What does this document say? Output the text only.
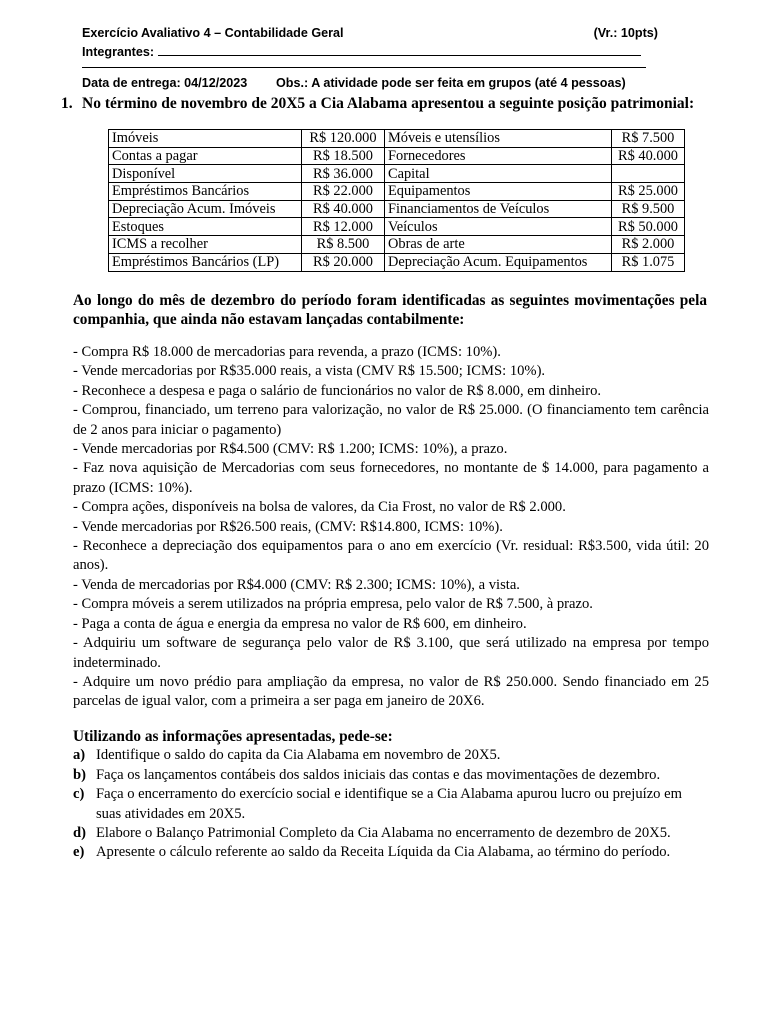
Exercício Avaliativo 4 – Contabilidade Geral	(Vr.: 10pts)
Integrantes:
Data de entrega: 04/12/2023 Obs.: A atividade pode ser feita em grupos (até 4 pessoas)
1. No término de novembro de 20X5 a Cia Alabama apresentou a seguinte posição patrimonial:
Imóveis	R$ 120.000	Móveis e utensílios	R$ 7.500
Contas a pagar	R$ 18.500	Fornecedores	R$ 40.000
Disponível	R$ 36.000	Capital	
Empréstimos Bancários	R$ 22.000	Equipamentos	R$ 25.000
Depreciação Acum. Imóveis	R$ 40.000	Financiamentos de Veículos	R$ 9.500
Estoques	R$ 12.000	Veículos	R$ 50.000
ICMS a recolher	R$ 8.500	Obras de arte	R$ 2.000
Empréstimos Bancários (LP)	R$ 20.000	Depreciação Acum. Equipamentos	R$ 1.075
Ao longo do mês de dezembro do período foram identificadas as seguintes movimentações pela companhia, que ainda não estavam lançadas contabilmente:

- Compra R$ 18.000 de mercadorias para revenda, a prazo (ICMS: 10%).

- Vende mercadorias por R$35.000 reais, a vista (CMV R$ 15.500; ICMS: 10%).

- Reconhece a despesa e paga o salário de funcionários no valor de R$ 8.000, em dinheiro.

- Comprou, financiado, um terreno para valorização, no valor de R$ 25.000. (O financiamento tem carência de 2 anos para iniciar o pagamento)

- Vende mercadorias por R$4.500 (CMV: R$ 1.200; ICMS: 10%), a prazo.

- Faz nova aquisição de Mercadorias com seus fornecedores, no montante de $ 14.000, para pagamento a prazo (ICMS: 10%).

- Compra ações, disponíveis na bolsa de valores, da Cia Frost, no valor de R$ 2.000.

- Vende mercadorias por R$26.500 reais, (CMV: R$14.800, ICMS: 10%).

- Reconhece a depreciação dos equipamentos para o ano em exercício (Vr. residual: R$3.500, vida útil: 20 anos).

- Venda de mercadorias por R$4.000 (CMV: R$ 2.300; ICMS: 10%), a vista.

- Compra móveis a serem utilizados na própria empresa, pelo valor de R$ 7.500, à prazo.

- Paga a conta de água e energia da empresa no valor de R$ 600, em dinheiro.

- Adquiriu um software de segurança pelo valor de R$ 3.100, que será utilizado na empresa por tempo indeterminado.

- Adquire um novo prédio para ampliação da empresa, no valor de R$ 250.000. Sendo financiado em 25 parcelas de igual valor, com a primeira a ser paga em janeiro de 20X6.

Utilizando as informações apresentadas, pede-se:

a) Identifique o saldo do capita da Cia Alabama em novembro de 20X5.
b) Faça os lançamentos contábeis dos saldos iniciais das contas e das movimentações de dezembro.
c) Faça o encerramento do exercício social e identifique se a Cia Alabama apurou lucro ou prejuízo em suas atividades em 20X5.
d) Elabore o Balanço Patrimonial Completo da Cia Alabama no encerramento de dezembro de 20X5.
e) Apresente o cálculo referente ao saldo da Receita Líquida da Cia Alabama, ao término do período.
